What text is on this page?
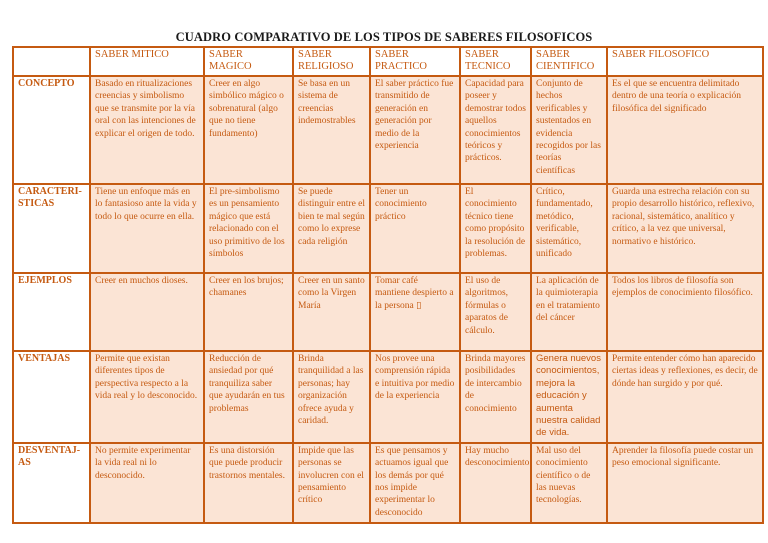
CUADRO COMPARATIVO DE LOS TIPOS DE SABERES FILOSOFICOS
	SABER MITICO	SABER MAGICO	SABER RELIGIOSO	SABER PRACTICO	SABER TECNICO	SABER CIENTIFICO	SABER FILOSOFICO
CONCEPTO	Basado en ritualizaciones creencias y simbolismo que se transmite por la vía oral con las intenciones de explicar el origen de todo.	Creer en algo simbólico mágico o sobrenatural (algo que no tiene fundamento)	Se basa en un sistema de creencias indemostrables	El saber práctico fue transmitido de generación en generación por medio de la experiencia	Capacidad para poseer y demostrar todos aquellos conocimientos teóricos y prácticos.	Conjunto de hechos verificables y sustentados en evidencia recogidos por las teorías científicas	Es el que se encuentra delimitado dentro de una teoría o explicación filosófica del significado
CARACTERI-STICAS	Tiene un enfoque más en lo fantasioso ante la vida y todo lo que ocurre en ella.	El pre-simbolismo es un pensamiento mágico que está relacionado con el uso primitivo de los símbolos	Se puede distinguir entre el bien te mal según como lo exprese cada religión	Tener un conocimiento práctico	El conocimiento técnico tiene como propósito la resolución de problemas.	Crítico, fundamentado, metódico, verificable, sistemático, unificado	Guarda una estrecha relación con su propio desarrollo histórico, reflexivo, racional, sistemático, analítico y crítico, a la vez que universal, normativo e histórico.
EJEMPLOS	Creer en muchos dioses.	Creer en los brujos; chamanes	Creer en un santo como la Virgen María	Tomar café mantiene despierto a la persona ▯	El uso de algoritmos, fórmulas o aparatos de cálculo.	La aplicación de la quimioterapia en el tratamiento del cáncer	Todos los libros de filosofía son ejemplos de conocimiento filosófico.
VENTAJAS	Permite que existan diferentes tipos de perspectiva respecto a la vida real y lo desconocido.	Reducción de ansiedad por qué tranquiliza saber que ayudarán en tus problemas	Brinda tranquilidad a las personas; hay organización ofrece ayuda y caridad.	Nos provee una comprensión rápida e intuitiva por medio de la experiencia	Brinda mayores posibilidades de intercambio de conocimiento	Genera nuevos conocimientos, mejora la educación y aumenta nuestra calidad de vida.	Permite entender cómo han aparecido ciertas ideas y reflexiones, es decir, de dónde han surgido y por qué.
DESVENTAJ-AS	No permite experimentar la vida real ni lo desconocido.	Es una distorsión que puede producir trastornos mentales.	Impide que las personas se involucren con el pensamiento crítico	Es que pensamos y actuamos igual que los demás por qué nos impide experimentar lo desconocido	Hay mucho desconocimiento	Mal uso del conocimiento científico o de las nuevas tecnologías.	Aprender la filosofía puede costar un peso emocional significante.
